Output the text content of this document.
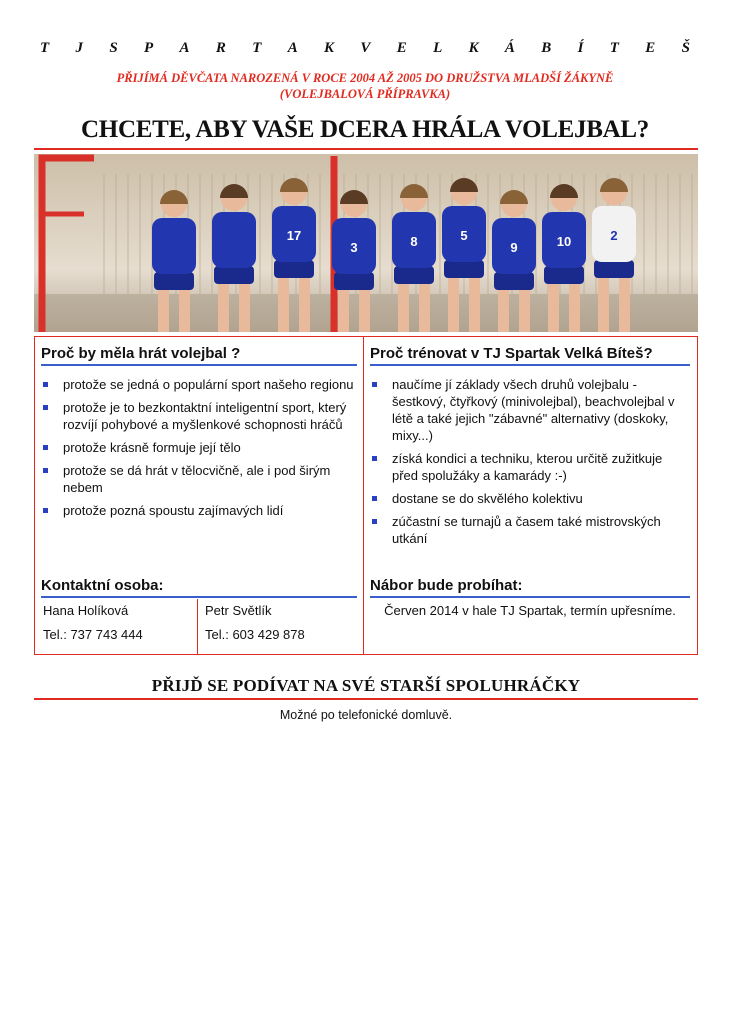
T J S P A R T A K V E L K Á B Í T E Š
PŘIJÍMÁ DĚVČATA NAROZENÁ V ROCE 2004 AŽ 2005 DO DRUŽSTVA MLADŠÍ ŽÁKYNĚ
(VOLEJBALOVÁ PŘÍPRAVKA)
CHCETE, ABY VAŠE DCERA HRÁLA VOLEJBAL?
17
3	8	5
9	10	2
Proč by měla hrát volejbal ?
protože se jedná o populární sport našeho regionu
protože je to bezkontaktní inteligentní sport, který rozvíjí pohybové a myšlenkové schopnosti hráčů
protože krásně formuje její tělo
protože se dá hrát v tělocvičně, ale i pod širým nebem
protože pozná spoustu zajímavých lidí
Proč trénovat v TJ Spartak Velká Bíteš?
naučíme jí základy všech druhů volejbalu - šestkový, čtyřkový (minivolejbal), beachvolejbal v létě a také jejich "zábavné" alternativy (doskoky, mixy...)
získá kondici a techniku, kterou určitě zužitkuje před spolužáky a kamarády :-)
dostane se do skvělého kolektivu
zúčastní se turnajů a časem také mistrovských utkání
Kontaktní osoba:
Hana Holíková
Tel.: 737 743 444
Petr Světlík
Tel.: 603 429 878
Nábor bude probíhat:
Červen 2014 v hale TJ Spartak, termín upřesníme.
PŘIJĎ SE PODÍVAT NA SVÉ STARŠÍ SPOLUHRÁČKY
Možné po telefonické domluvě.
